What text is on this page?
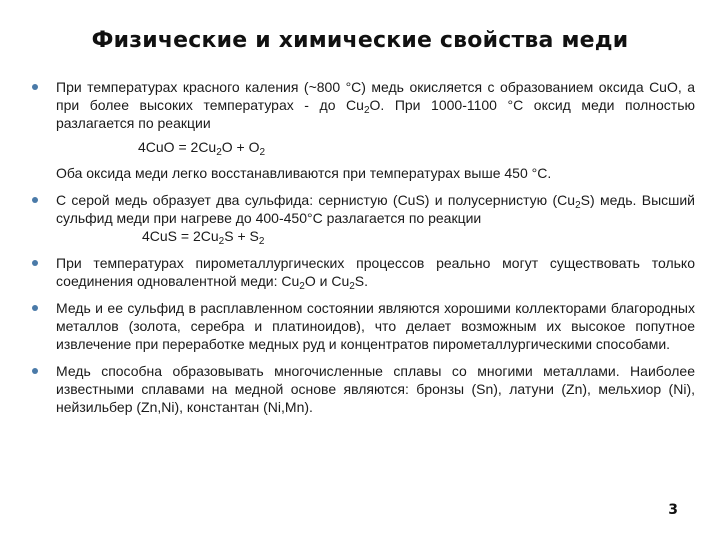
Физические и химические свойства меди
При температурах красного каления (~800 °С) медь окисляется с образованием оксида CuO, а при более высоких температурах - до $Cu_2O$. При 1000-1100 °С оксид меди полностью разлагается по реакции
$4CuO = 2Cu_2O + O_2$
Оба оксида меди легко восстанавливаются при температурах выше 450 °С.
С серой медь образует два сульфида: сернистую (CuS) и полусернистую $(Cu_2S)$ медь. Высший сульфид меди при нагреве до 400-450°С разлагается по реакции
$4CuS = 2Cu_2S + S_2$
При температурах пирометаллургических процессов реально могут существовать только соединения одновалентной меди: $Cu_2O$ и $Cu_2S$.
Медь и ее сульфид в расплавленном состоянии являются хорошими коллекторами благородных металлов (золота, серебра и платиноидов), что делает возможным их высокое попутное извлечение при переработке медных руд и концентратов пирометаллургическими способами.
Медь способна образовывать многочисленные сплавы со многими металлами. Наиболее известными сплавами на медной основе являются: бронзы (Sn), латуни (Zn), мельхиор (Ni), нейзильбер (Zn,Ni), константан (Ni,Mn).
3
